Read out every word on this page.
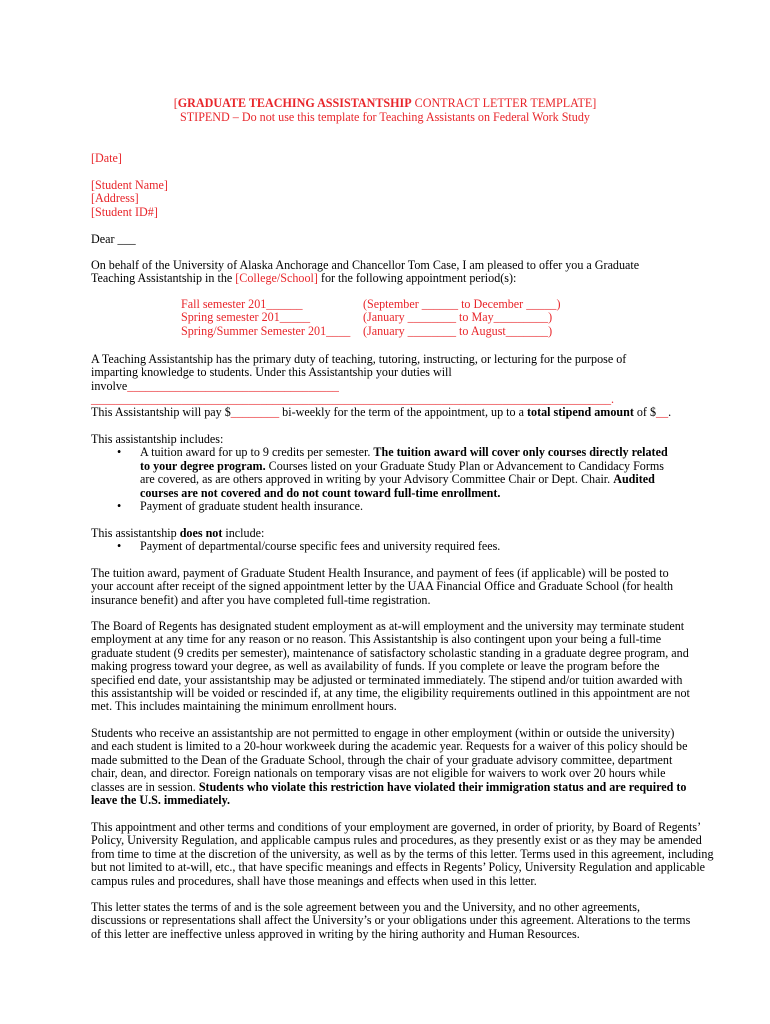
[GRADUATE TEACHING ASSISTANTSHIP CONTRACT LETTER TEMPLATE]
STIPEND – Do not use this template for Teaching Assistants on Federal Work Study
[Date]
[Student Name]
[Address]
[Student ID#]
Dear ___

On behalf of the University of Alaska Anchorage and Chancellor Tom Case, I am pleased to offer you a Graduate Teaching Assistantship in the [College/School] for the following appointment period(s):

Fall semester 201______	(September ______ to December _____)
Spring semester 201_____	(January ________ to May_________)
Spring/Summer Semester 201____	(January ________ to August_______)

A Teaching Assistantship has the primary duty of teaching, tutoring, instructing, or lecturing for the purpose of imparting knowledge to students. Under this Assistantship your duties will involve___________________________________
______________________________________________________________________________________.

This Assistantship will pay $________ bi-weekly for the term of the appointment, up to a total stipend amount of $__.

This assistantship includes:

• A tuition award for up to 9 credits per semester. The tuition award will cover only courses directly related to your degree program. Courses listed on your Graduate Study Plan or Advancement to Candidacy Forms are covered, as are others approved in writing by your Advisory Committee Chair or Dept. Chair. Audited courses are not covered and do not count toward full-time enrollment.
• Payment of graduate student health insurance.

This assistantship does not include:

• Payment of departmental/course specific fees and university required fees.

The tuition award, payment of Graduate Student Health Insurance, and payment of fees (if applicable) will be posted to your account after receipt of the signed appointment letter by the UAA Financial Office and Graduate School (for health insurance benefit) and after you have completed full-time registration.

The Board of Regents has designated student employment as at-will employment and the university may terminate student employment at any time for any reason or no reason. This Assistantship is also contingent upon your being a full-time graduate student (9 credits per semester), maintenance of satisfactory scholastic standing in a graduate degree program, and making progress toward your degree, as well as availability of funds. If you complete or leave the program before the specified end date, your assistantship may be adjusted or terminated immediately. The stipend and/or tuition awarded with this assistantship will be voided or rescinded if, at any time, the eligibility requirements outlined in this appointment are not met. This includes maintaining the minimum enrollment hours.

Students who receive an assistantship are not permitted to engage in other employment (within or outside the university) and each student is limited to a 20-hour workweek during the academic year. Requests for a waiver of this policy should be made submitted to the Dean of the Graduate School, through the chair of your graduate advisory committee, department chair, dean, and director. Foreign nationals on temporary visas are not eligible for waivers to work over 20 hours while classes are in session. Students who violate this restriction have violated their immigration status and are required to leave the U.S. immediately.

This appointment and other terms and conditions of your employment are governed, in order of priority, by Board of Regents’ Policy, University Regulation, and applicable campus rules and procedures, as they presently exist or as they may be amended from time to time at the discretion of the university, as well as by the terms of this letter. Terms used in this agreement, including but not limited to at-will, etc., that have specific meanings and effects in Regents’ Policy, University Regulation and applicable campus rules and procedures, shall have those meanings and effects when used in this letter.

This letter states the terms of and is the sole agreement between you and the University, and no other agreements, discussions or representations shall affect the University’s or your obligations under this agreement. Alterations to the terms of this letter are ineffective unless approved in writing by the hiring authority and Human Resources.
